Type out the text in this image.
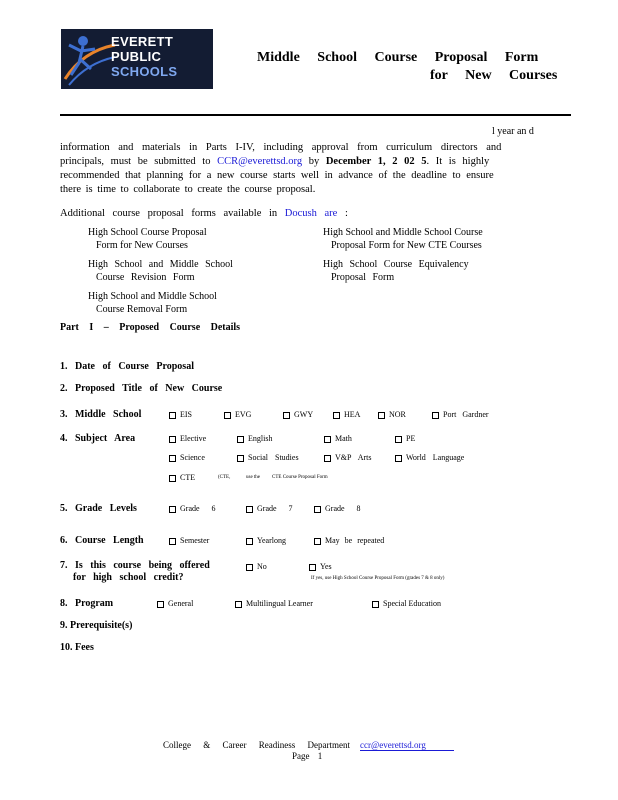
EVERETT
PUBLIC
SCHOOLS
Middle School Course Proposal Form
for New Courses
l year an d

information and materials in Parts I-IV, including approval from curriculum directors and

principals, must be submitted to CCR@everettsd.org by December 1, 2 02 5. It is highly

recommended that planning for a new course starts well in advance of the deadline to ensure

there is time to collaborate to create the course proposal.

Additional course proposal forms available in Docush are :
High School Course Proposal
Form for New Courses
High School and Middle School Course
Proposal Form for New CTE Courses
High School and Middle School
Course Revision Form
High School Course Equivalency
Proposal Form
High School and Middle School
Course Removal Form
Part I – Proposed Course Details
1. Date of Course Proposal
2. Proposed Title of New Course
3. Middle School	EIS	EVG	GWY	HEA	NOR	Port Gardner
4. Subject Area	Elective	English	Math	PE
Science	Social Studies	V&P Arts	World Language
CTE	(CTE,	use the CTE Course Proposal Form
5. Grade Levels	Grade 6	Grade 7	Grade 8
6. Course Length	Semester	Yearlong	May be repeated
7. Is this course being offered
for high school credit?
No	Yes
If yes, use High School Course Proposal Form (grades 7 & 8 only)
8. Program	General	Multilingual Learner	Special Education
9. Prerequisite(s)
10. Fees
College & Career Readiness Department ccr@everettsd.org
Page 1
